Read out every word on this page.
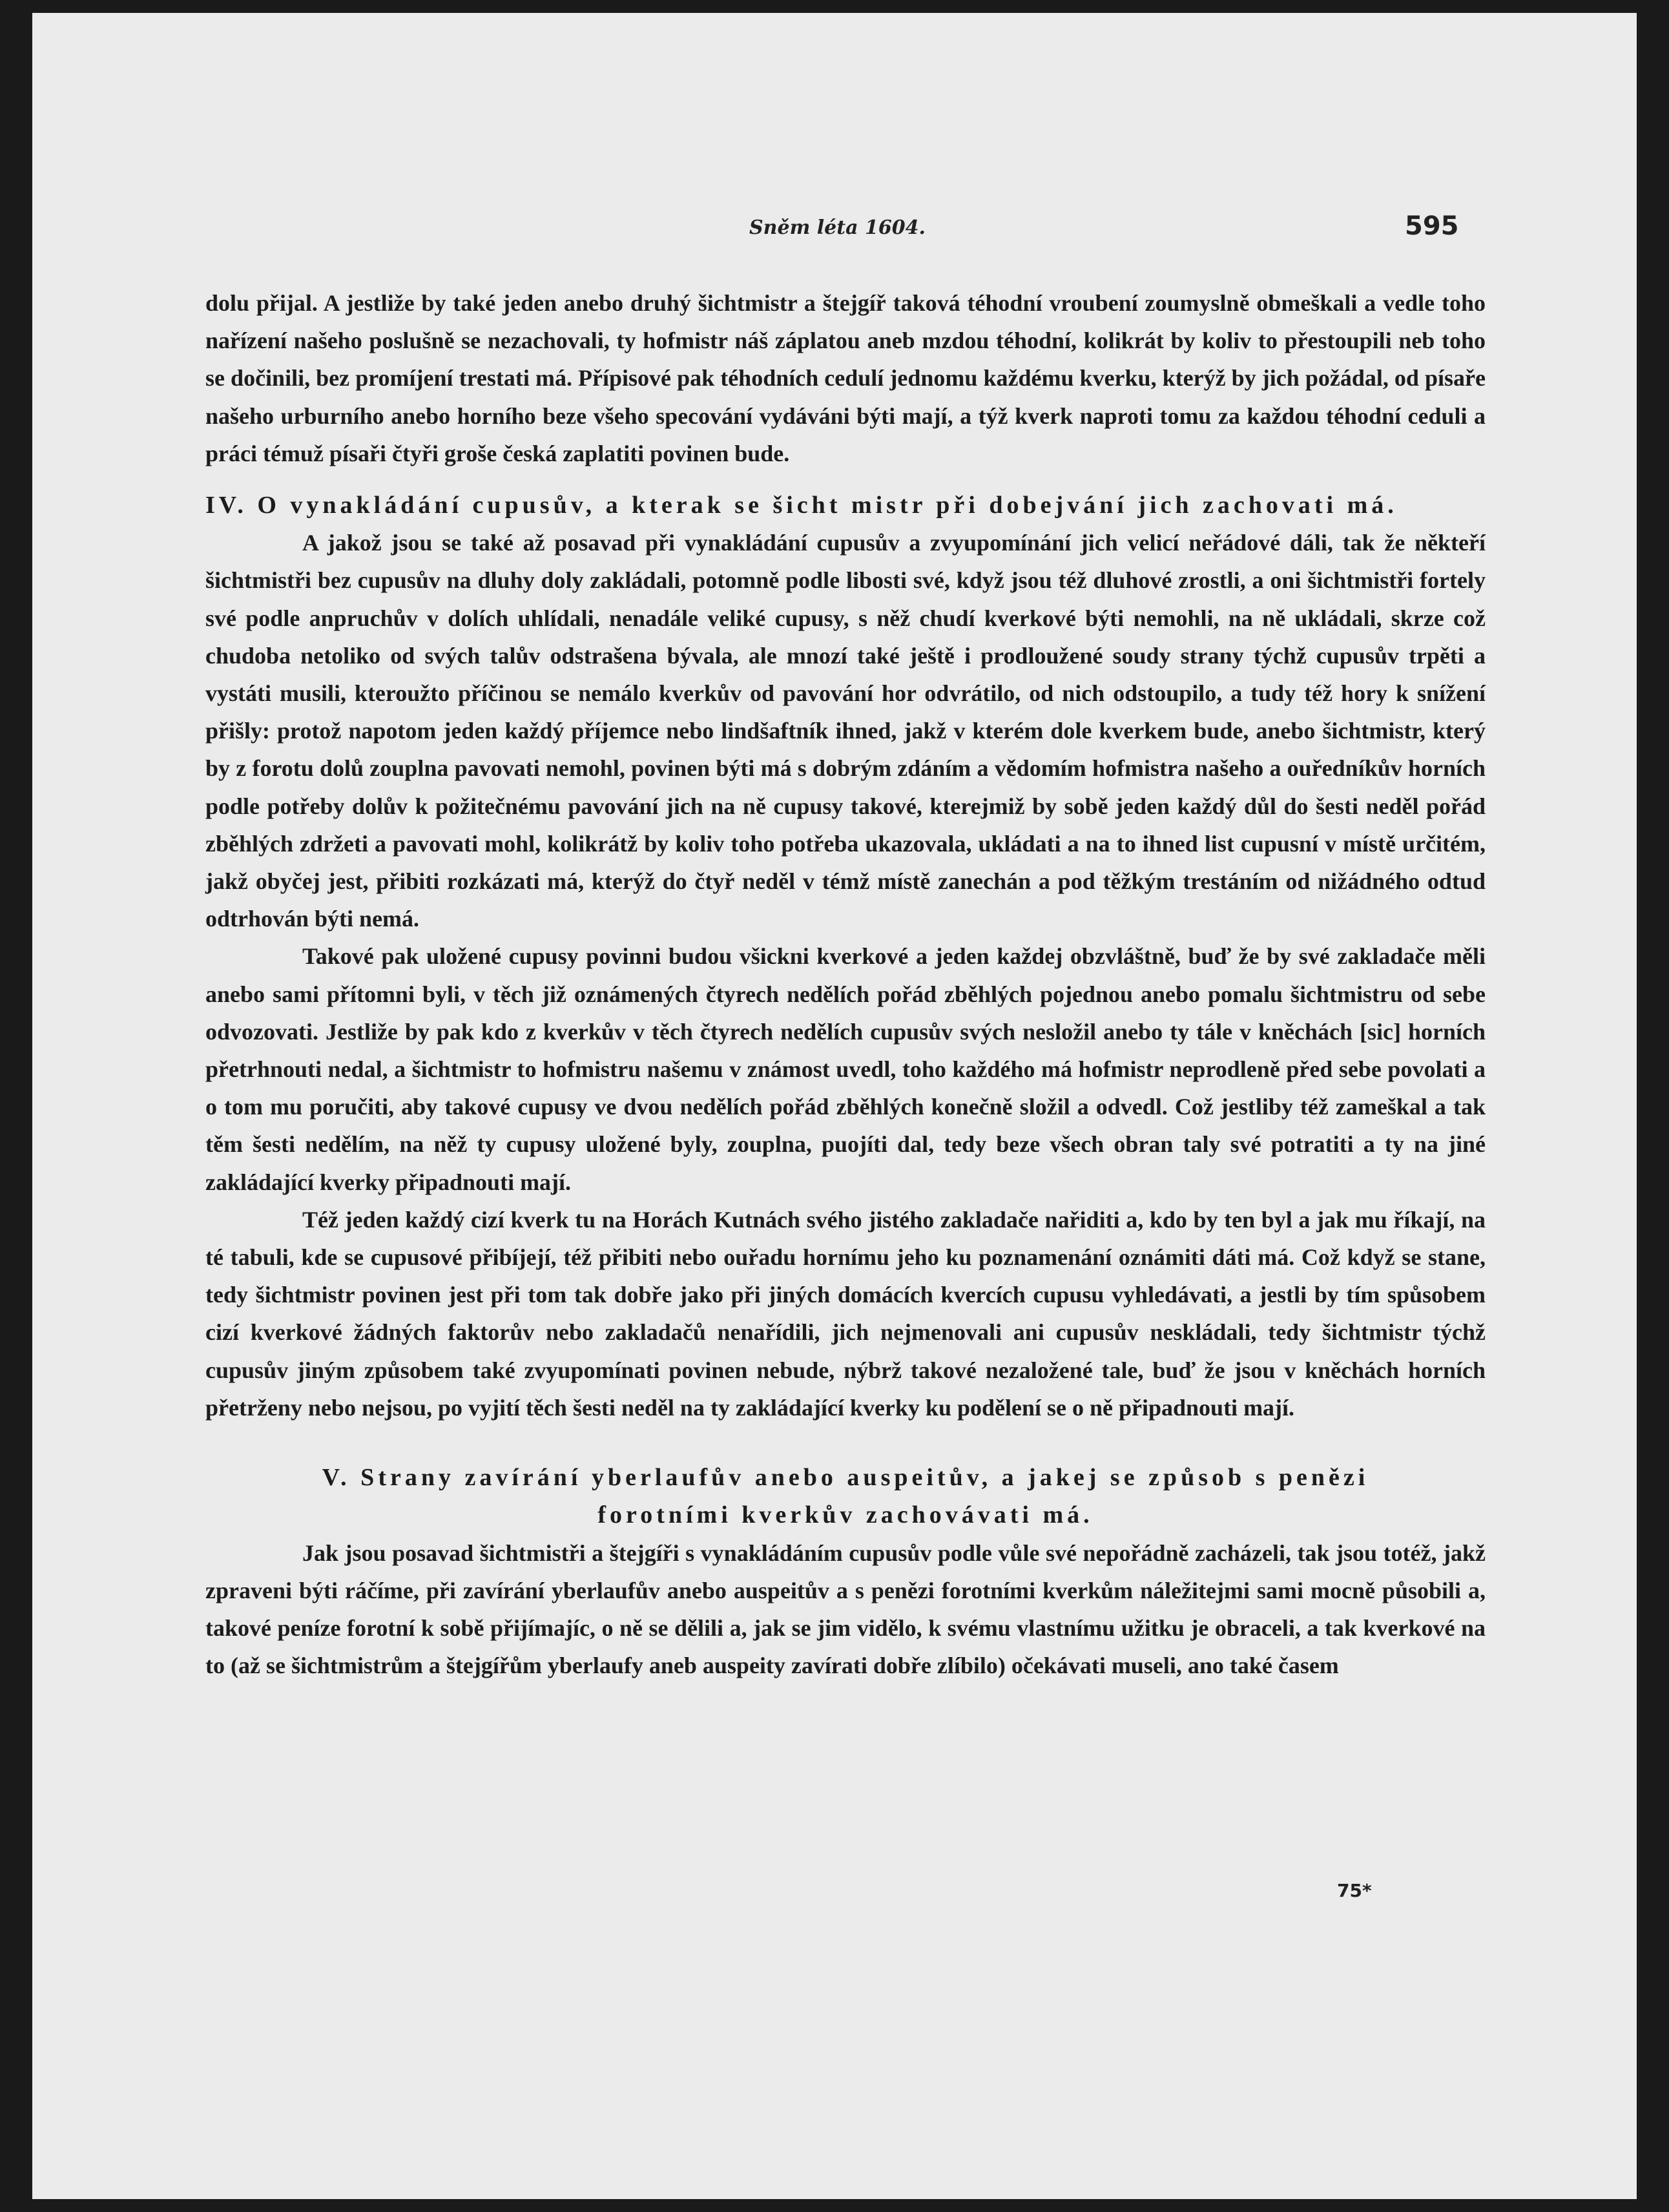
Sněm léta 1604.	595

dolu přijal. A jestliže by také jeden anebo druhý šichtmistr a štejgíř taková téhodní vroubení zoumyslně obmeškali a vedle toho nařízení našeho poslušně se nezachovali, ty hofmistr náš záplatou aneb mzdou téhodní, kolikrát by koliv to přestoupili neb toho se dočinili, bez promíjení trestati má. Přípisové pak téhodních cedulí jednomu každému kverku, kterýž by jich požádal, od písaře našeho urburního anebo horního beze všeho specování vydáváni býti mají, a týž kverk naproti tomu za každou téhodní ceduli a práci témuž písaři čtyři groše česká zaplatiti povinen bude.

IV. O vynakládání cupusův, a kterak se šicht mistr při dobejvání jich zachovati má.

A jakož jsou se také až posavad při vynakládání cupusův a zvyupomínání jich velicí neřádové dáli, tak že někteří šichtmistři bez cupusův na dluhy doly zakládali, potomně podle libosti své, když jsou též dluhové zrostli, a oni šichtmistři fortely své podle anpruchův v dolích uhlídali, nenadále veliké cupusy, s něž chudí kverkové býti nemohli, na ně ukládali, skrze což chudoba netoliko od svých talův odstrašena bývala, ale mnozí také ještě i prodloužené soudy strany týchž cupusův trpěti a vystáti musili, kteroužto příčinou se nemálo kverkův od pavování hor odvrátilo, od nich odstoupilo, a tudy též hory k snížení přišly: protož napotom jeden každý příjemce nebo lindšaftník ihned, jakž v kterém dole kverkem bude, anebo šichtmistr, který by z forotu dolů zouplna pavovati nemohl, povinen býti má s dobrým zdáním a vědomím hofmistra našeho a ouředníkův horních podle potřeby dolův k požitečnému pavování jich na ně cupusy takové, kterejmiž by sobě jeden každý důl do šesti neděl pořád zběhlých zdržeti a pavovati mohl, kolikrátž by koliv toho potřeba ukazovala, ukládati a na to ihned list cupusní v místě určitém, jakž obyčej jest, přibiti rozkázati má, kterýž do čtyř neděl v témž místě zanechán a pod těžkým trestáním od nižádného odtud odtrhován býti nemá.

Takové pak uložené cupusy povinni budou všickni kverkové a jeden každej obzvláštně, buď že by své zakladače měli anebo sami přítomni byli, v těch již oznámených čtyrech nedělích pořád zběhlých pojednou anebo pomalu šichtmistru od sebe odvozovati. Jestliže by pak kdo z kverkův v těch čtyrech nedělích cupusův svých nesložil anebo ty tále v kněchách [sic] horních přetrhnouti nedal, a šichtmistr to hofmistru našemu v známost uvedl, toho každého má hofmistr neprodleně před sebe povolati a o tom mu poručiti, aby takové cupusy ve dvou nedělích pořád zběhlých konečně složil a odvedl. Což jestliby též zameškal a tak těm šesti nedělím, na něž ty cupusy uložené byly, zouplna, puojíti dal, tedy beze všech obran taly své potratiti a ty na jiné zakládající kverky připadnouti mají.

Též jeden každý cizí kverk tu na Horách Kutnách svého jistého zakladače nařiditi a, kdo by ten byl a jak mu říkají, na té tabuli, kde se cupusové přibíjejí, též přibiti nebo ouřadu hornímu jeho ku poznamenání oznámiti dáti má. Což když se stane, tedy šichtmistr povinen jest při tom tak dobře jako při jiných domácích kvercích cupusu vyhledávati, a jestli by tím spůsobem cizí kverkové žádných faktorův nebo zakladačů nenařídili, jich nejmenovali ani cupusův neskládali, tedy šichtmistr týchž cupusův jiným způsobem také zvyupomínati povinen nebude, nýbrž takové nezaložené tale, buď že jsou v kněchách horních přetrženy nebo nejsou, po vyjití těch šesti neděl na ty zakládající kverky ku podělení se o ně připadnouti mají.

V. Strany zavírání yberlaufův anebo auspeitův, a jakej se způsob s penězi

forotními kverkův zachovávati má.

Jak jsou posavad šichtmistři a štejgíři s vynakládáním cupusův podle vůle své nepořádně zacházeli, tak jsou totéž, jakž zpraveni býti ráčíme, při zavírání yberlaufův anebo auspeitův a s penězi forotními kverkům náležitejmi sami mocně působili a, takové peníze forotní k sobě přijímajíc, o ně se dělili a, jak se jim vidělo, k svému vlastnímu užitku je obraceli, a tak kverkové na to (až se šichtmistrům a štejgířům yberlaufy aneb auspeity zavírati dobře zlíbilo) očekávati museli, ano také časem

75*
